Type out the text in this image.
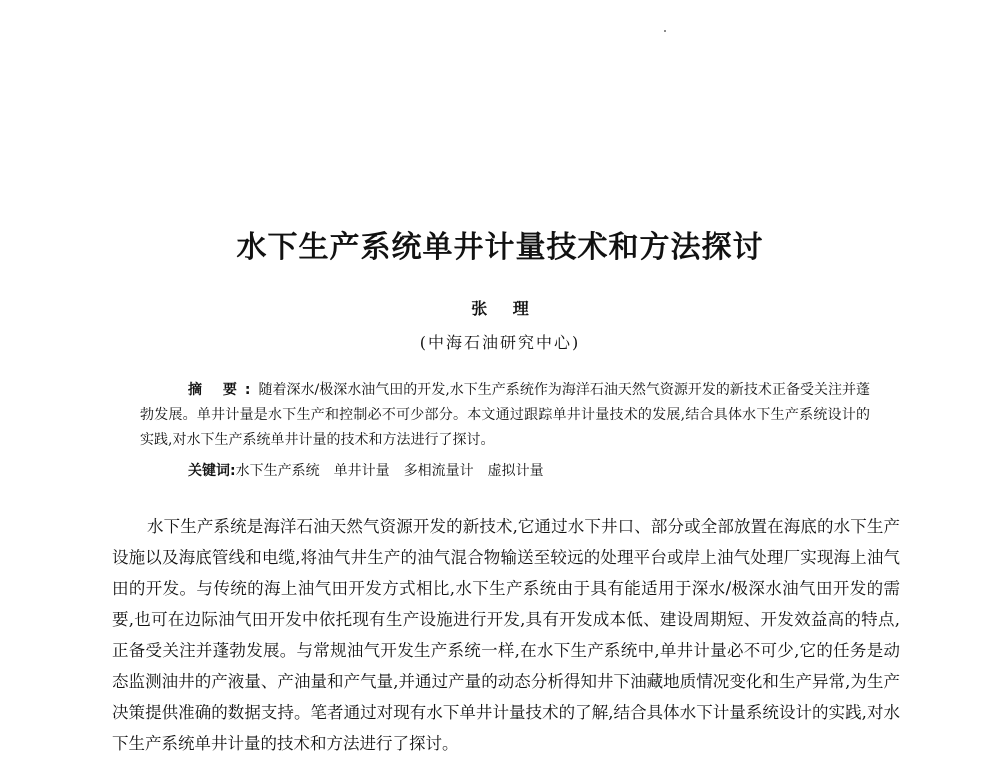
水下生产系统单井计量技术和方法探讨
张 理
(中海石油研究中心)

摘 要:随着深水/极深水油气田的开发,水下生产系统作为海洋石油天然气资源开发的新技术正备受关注并蓬勃发展。单井计量是水下生产和控制必不可少部分。本文通过跟踪单井计量技术的发展,结合具体水下生产系统设计的实践,对水下生产系统单井计量的技术和方法进行了探讨。

关键词:水下生产系统 单井计量 多相流量计 虚拟计量

水下生产系统是海洋石油天然气资源开发的新技术,它通过水下井口、部分或全部放置在海底的水下生产设施以及海底管线和电缆,将油气井生产的油气混合物输送至较远的处理平台或岸上油气处理厂实现海上油气田的开发。与传统的海上油气田开发方式相比,水下生产系统由于具有能适用于深水/极深水油气田开发的需要,也可在边际油气田开发中依托现有生产设施进行开发,具有开发成本低、建设周期短、开发效益高的特点,正备受关注并蓬勃发展。与常规油气开发生产系统一样,在水下生产系统中,单井计量必不可少,它的任务是动态监测油井的产液量、产油量和产气量,并通过产量的动态分析得知井下油藏地质情况变化和生产异常,为生产决策提供准确的数据支持。笔者通过对现有水下单井计量技术的了解,结合具体水下计量系统设计的实践,对水下生产系统单井计量的技术和方法进行了探讨。
